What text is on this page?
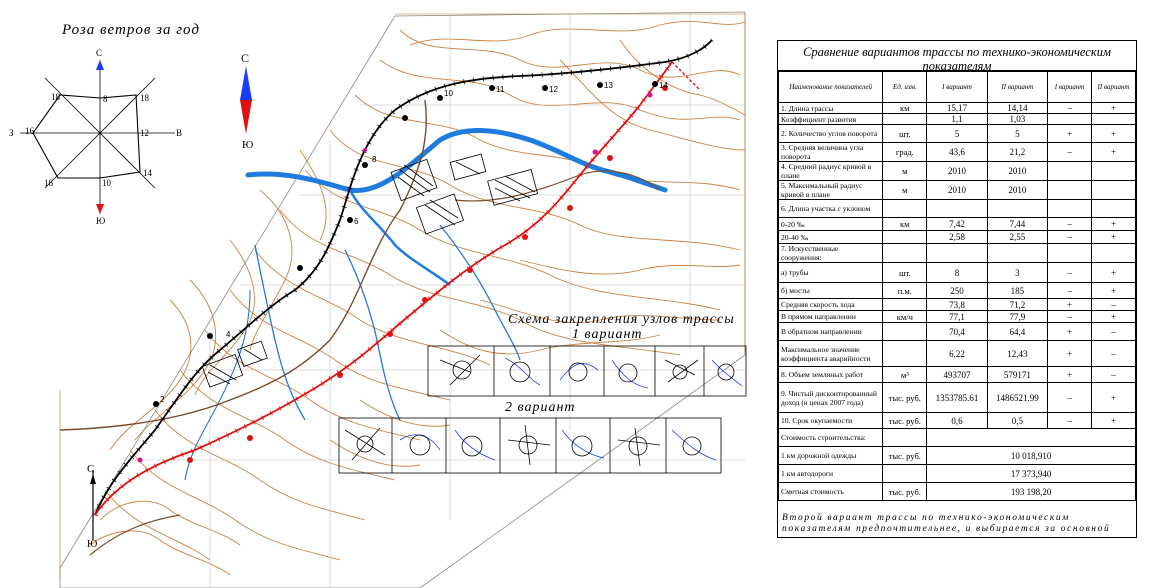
2
4
6
8
10	11	12	13	14
С
Ю
С
Ю
С
Ю
З	В
8	18
12
14
10
16
16
18
Роза ветров за год
Схема закрепления узлов трассы
1 вариант
2 вариант
Сравнение вариантов трассы по технико-экономическим показателям
Наименование показателей	Ед. изм.	I вариант	II вариант	I вариант	II вариант
1. Длина трассы	км	15,17	14,14	–	+
Коэффициент развития		1,1	1,03		
2. Количество углов поворота	шт.	5	5	+	+
3. Средняя величина угла поворота	град.	43,6	21,2	–	+
4. Средний радиус кривой в плане	м	2010	2010		
5. Максимальный радиус кривой в плане	м	2010	2010		
6. Длина участка с уклоном					
0-20 ‰	км	7,42	7,44	–	+
20-40 ‰		2,58	2,55	–	+
7. Искусственные сооружения:					
а) трубы	шт.	8	3	–	+
б) мосты	п.м.	250	185	–	+
Средняя скорость хода		73,8	71,2	+	–
В прямом направлении	км/ч	77,1	77,9	–	+
В обратном направлении		70,4	64,4	+	–
Максимальное значение коэффициента аварийности		6,22	12,43	+	–
8. Объем земляных работ	м³	493707	579171	+	–
9. Чистый дисконтированный доход (в ценах 2007 года)	тыс. руб.	1353785.61	1486521.99	–	+
10. Срок окупаемости	тыс. руб.	0,6	0,5	–	+
Стоимость строительства:					
1 км дорожной одежды	тыс. руб.	10 018,910			
1 км автодороги		17 373,940			
Сметная стоимость	тыс. руб.	193 198,20			
Второй вариант трассы по технико-экономическим показателям предпочтительнее, и выбирается за основной
